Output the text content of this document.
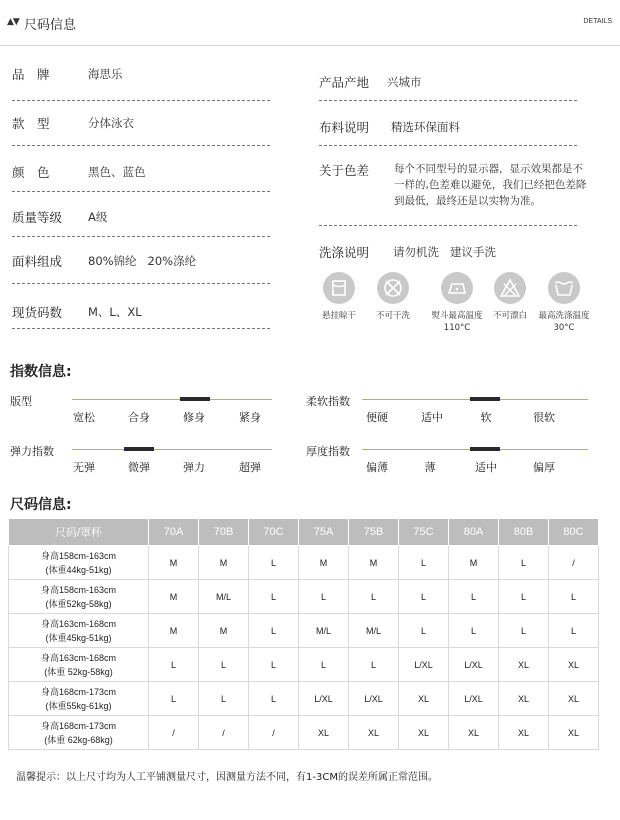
▲▼ 尺码信息	DETAILS
品　牌	海思乐
款　型	分体泳衣
颜　色	黑色、蓝色
质量等级 A级
面料组成 80%锦纶   20%涤纶
现货码数 M、L、XL
产品产地 兴城市
布料说明 精选环保面料
关于色差 每个不同型号的显示器，显示效果都是不一样的,色差难以避免，我们已经把色差降到最低，最终还是以实物为准。
洗涤说明 请勿机洗   建议手洗
悬挂晾干	不可干洗	熨斗最高温度
110°C
不可漂白	最高洗涤温度
30°C
指数信息:
版型
宽松	合身	修身	紧身
柔软指数
便硬	适中	软	很软
弹力指数
无弹	微弹	弹力	超弹
厚度指数
偏薄	薄	适中	偏厚
尺码信息:
尺码/罩杯	70A	70B	70C	75A	75B	75C	80A	80B	80C

身高158cm-163cm
(体重44kg-51kg)	M	M	L	M	M	L	M	L	/

身高158cm-163cm
(体重52kg-58kg)	M	M/L	L	L	L	L	L	L	L

身高163cm-168cm
(体重45kg-51kg)	M	M	L	M/L	M/L	L	L	L	L

身高163cm-168cm
(体重 52kg-58kg)	L	L	L	L	L	L/XL	L/XL	XL	XL

身高168cm-173cm
(体重55kg-61kg)	L	L	L	L/XL	L/XL	XL	L/XL	XL	XL

身高168cm-173cm
(体重 62kg-68kg)	/	/	/	XL	XL	XL	XL	XL	XL
温馨提示：以上尺寸均为人工平铺测量尺寸，因测量方法不同，有1-3CM的误差所属正常范围。
